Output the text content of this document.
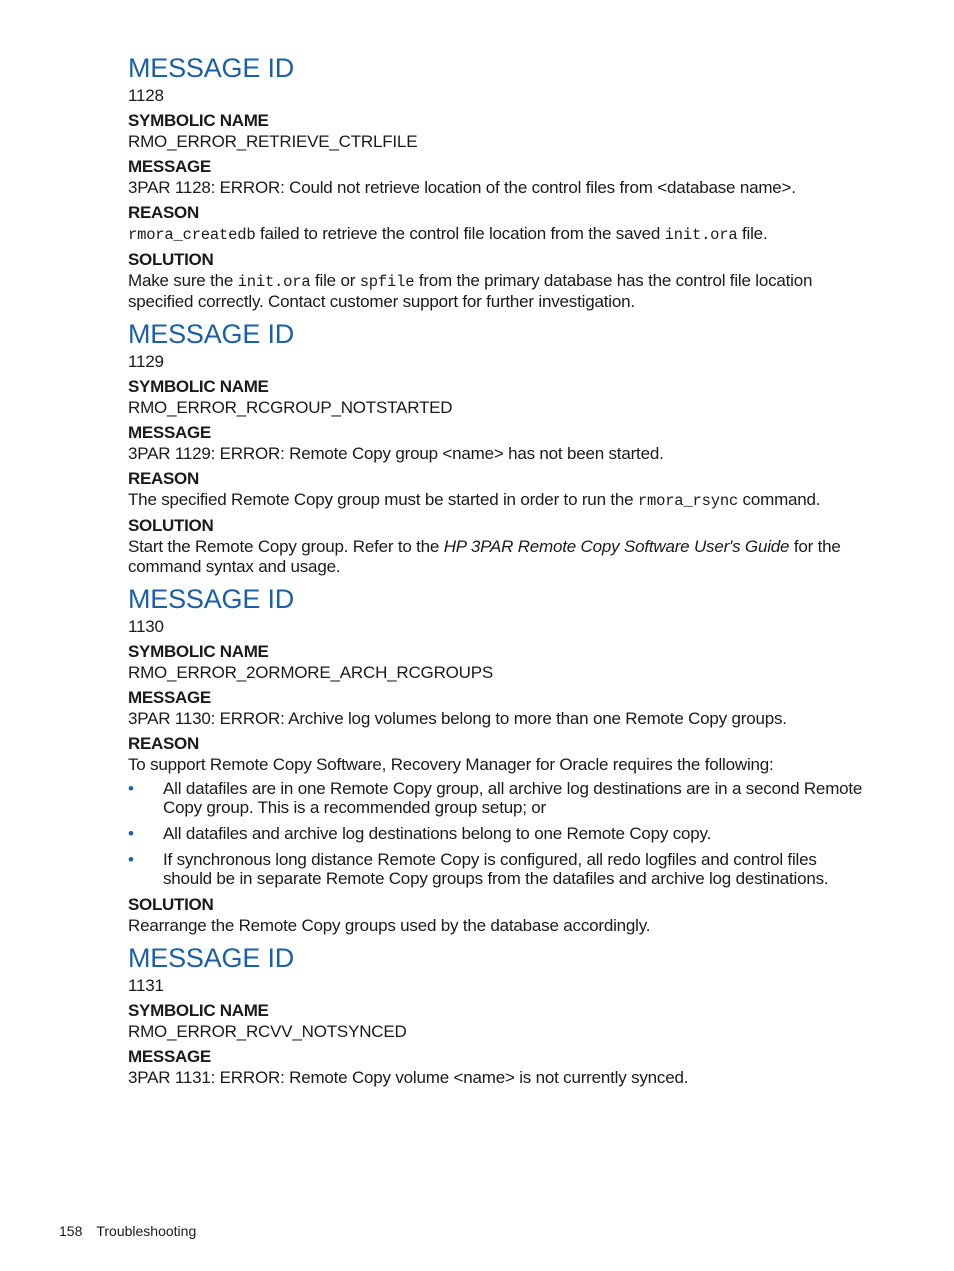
MESSAGE ID

1128

SYMBOLIC NAME

RMO_ERROR_RETRIEVE_CTRLFILE

MESSAGE

3PAR 1128: ERROR: Could not retrieve location of the control files from <database name>.

REASON

rmora_createdb failed to retrieve the control file location from the saved init.ora file.

SOLUTION

Make sure the init.ora file or spfile from the primary database has the control file location specified correctly. Contact customer support for further investigation.

MESSAGE ID

1129

SYMBOLIC NAME

RMO_ERROR_RCGROUP_NOTSTARTED

MESSAGE

3PAR 1129: ERROR: Remote Copy group <name> has not been started.

REASON

The specified Remote Copy group must be started in order to run the rmora_rsync command.

SOLUTION

Start the Remote Copy group. Refer to the HP 3PAR Remote Copy Software User's Guide for the command syntax and usage.

MESSAGE ID

1130

SYMBOLIC NAME

RMO_ERROR_2ORMORE_ARCH_RCGROUPS

MESSAGE

3PAR 1130: ERROR: Archive log volumes belong to more than one Remote Copy groups.

REASON

To support Remote Copy Software, Recovery Manager for Oracle requires the following:

• All datafiles are in one Remote Copy group, all archive log destinations are in a second Remote Copy group. This is a recommended group setup; or
• All datafiles and archive log destinations belong to one Remote Copy copy.
• If synchronous long distance Remote Copy is configured, all redo logfiles and control files should be in separate Remote Copy groups from the datafiles and archive log destinations.

SOLUTION

Rearrange the Remote Copy groups used by the database accordingly.

MESSAGE ID

1131

SYMBOLIC NAME

RMO_ERROR_RCVV_NOTSYNCED

MESSAGE

3PAR 1131: ERROR: Remote Copy volume <name> is not currently synced.

158 Troubleshooting
